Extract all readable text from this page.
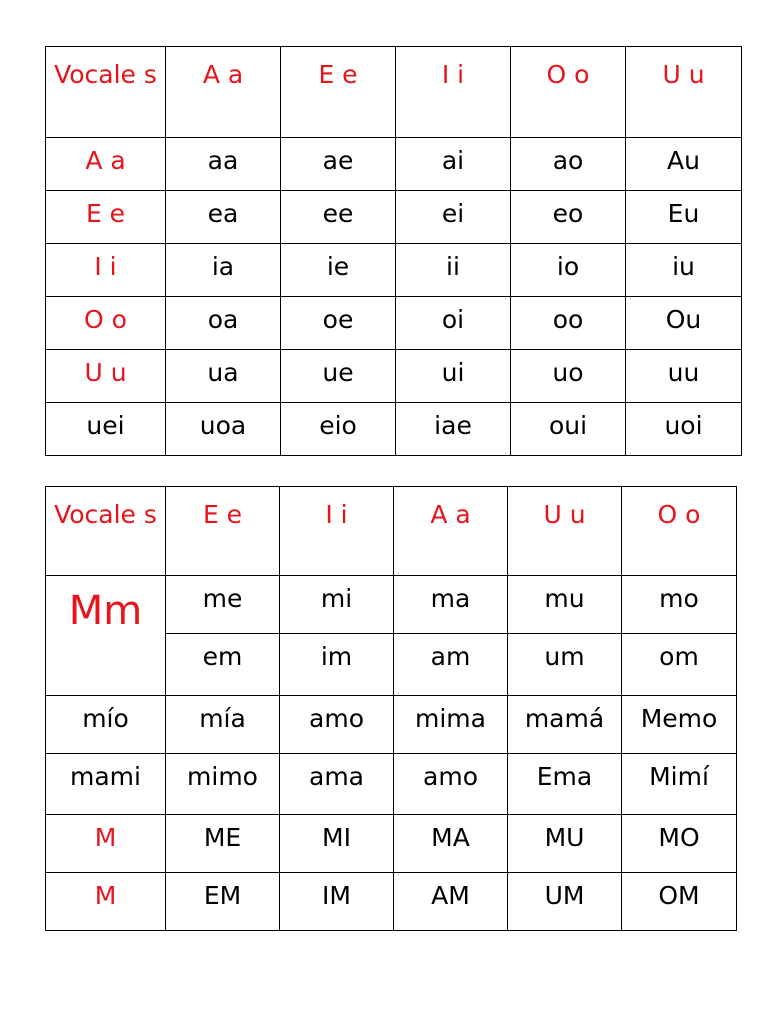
Vocale s	A a	E e	I i	O o	U u
A a	aa	ae	ai	ao	Au
E e	ea	ee	ei	eo	Eu
I i	ia	ie	ii	io	iu
O o	oa	oe	oi	oo	Ou
U u	ua	ue	ui	uo	uu
uei	uoa	eio	iae	oui	uoi
Vocale s	E e	I i	A a	U u	O o
Mm	me	mi	ma	mu	mo
	em	im	am	um	om
mío	mía	amo	mima	mamá	Memo
mami	mimo	ama	amo	Ema	Mimí
M	ME	MI	MA	MU	MO
M	EM	IM	AM	UM	OM
